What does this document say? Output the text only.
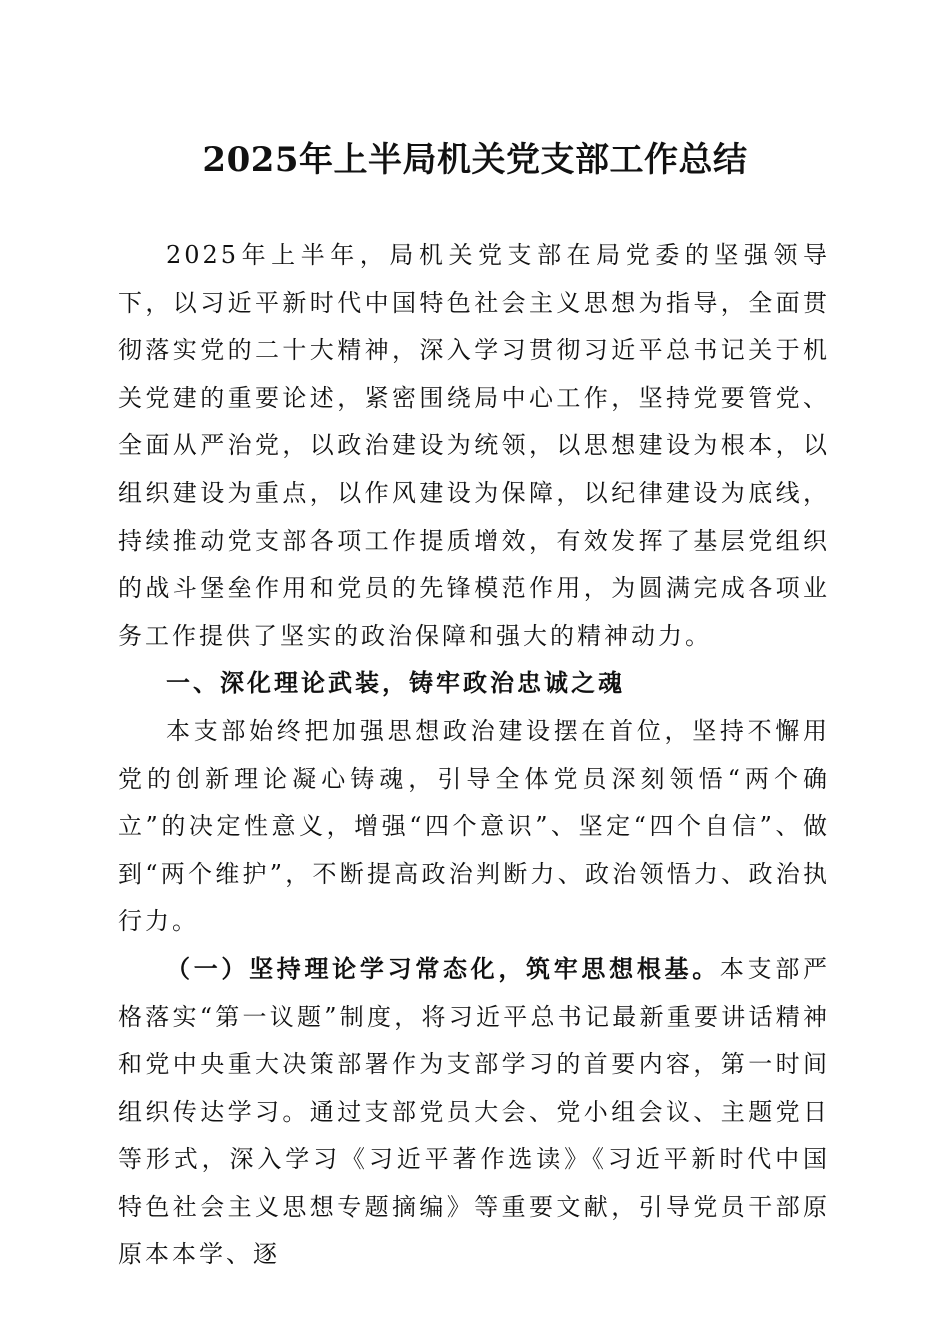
2025年上半局机关党支部工作总结

2025年上半年，局机关党支部在局党委的坚强领导下，以习近平新时代中国特色社会主义思想为指导，全面贯彻落实党的二十大精神，深入学习贯彻习近平总书记关于机关党建的重要论述，紧密围绕局中心工作，坚持党要管党、全面从严治党，以政治建设为统领，以思想建设为根本，以组织建设为重点，以作风建设为保障，以纪律建设为底线，持续推动党支部各项工作提质增效，有效发挥了基层党组织的战斗堡垒作用和党员的先锋模范作用，为圆满完成各项业务工作提供了坚实的政治保障和强大的精神动力。

一、深化理论武装，铸牢政治忠诚之魂

本支部始终把加强思想政治建设摆在首位，坚持不懈用党的创新理论凝心铸魂，引导全体党员深刻领悟“两个确立”的决定性意义，增强“四个意识”、坚定“四个自信”、做到“两个维护”，不断提高政治判断力、政治领悟力、政治执行力。

（一）坚持理论学习常态化，筑牢思想根基。本支部严格落实“第一议题”制度，将习近平总书记最新重要讲话精神和党中央重大决策部署作为支部学习的首要内容，第一时间组织传达学习。通过支部党员大会、党小组会议、主题党日等形式，深入学习《习近平著作选读》《习近平新时代中国特色社会主义思想专题摘编》等重要文献，引导党员干部原原本本学、逐
